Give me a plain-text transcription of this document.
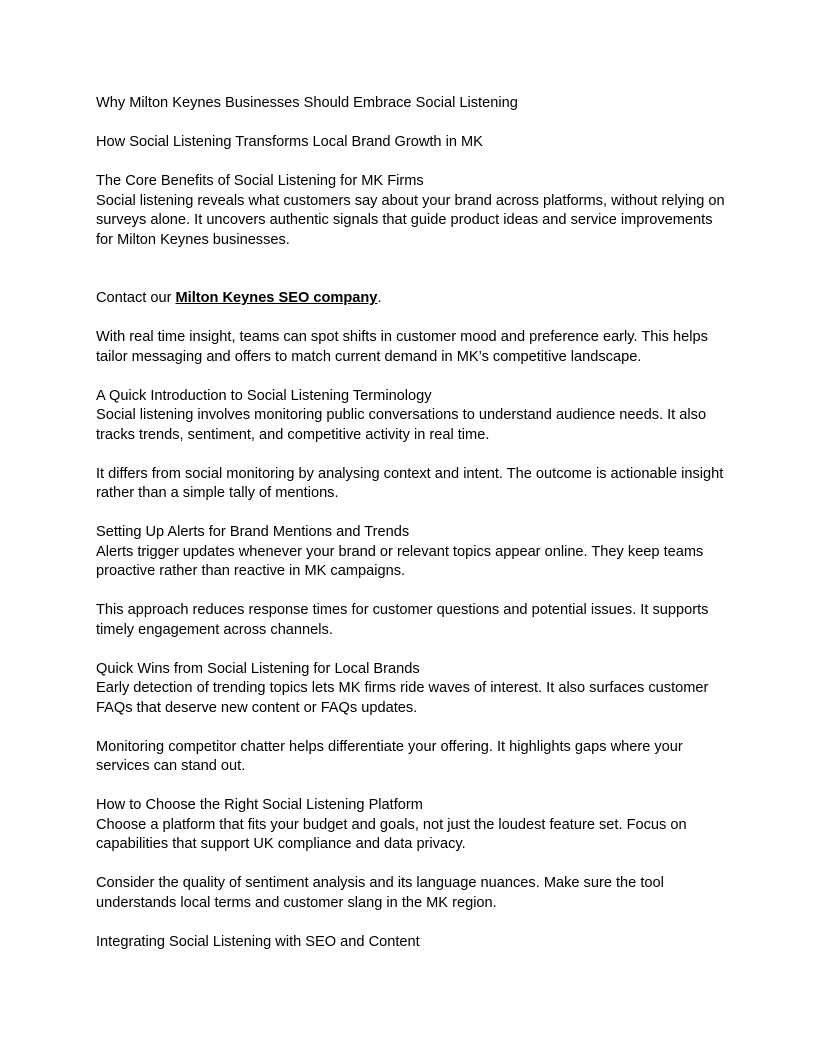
Why Milton Keynes Businesses Should Embrace Social Listening

How Social Listening Transforms Local Brand Growth in MK

The Core Benefits of Social Listening for MK Firms

Social listening reveals what customers say about your brand across platforms, without relying on surveys alone. It uncovers authentic signals that guide product ideas and service improvements for Milton Keynes businesses.

Contact our Milton Keynes SEO company.

With real time insight, teams can spot shifts in customer mood and preference early. This helps tailor messaging and offers to match current demand in MK’s competitive landscape.

A Quick Introduction to Social Listening Terminology

Social listening involves monitoring public conversations to understand audience needs. It also tracks trends, sentiment, and competitive activity in real time.

It differs from social monitoring by analysing context and intent. The outcome is actionable insight rather than a simple tally of mentions.

Setting Up Alerts for Brand Mentions and Trends

Alerts trigger updates whenever your brand or relevant topics appear online. They keep teams proactive rather than reactive in MK campaigns.

This approach reduces response times for customer questions and potential issues. It supports timely engagement across channels.

Quick Wins from Social Listening for Local Brands

Early detection of trending topics lets MK firms ride waves of interest. It also surfaces customer FAQs that deserve new content or FAQs updates.

Monitoring competitor chatter helps differentiate your offering. It highlights gaps where your services can stand out.

How to Choose the Right Social Listening Platform

Choose a platform that fits your budget and goals, not just the loudest feature set. Focus on capabilities that support UK compliance and data privacy.

Consider the quality of sentiment analysis and its language nuances. Make sure the tool understands local terms and customer slang in the MK region.

Integrating Social Listening with SEO and Content
